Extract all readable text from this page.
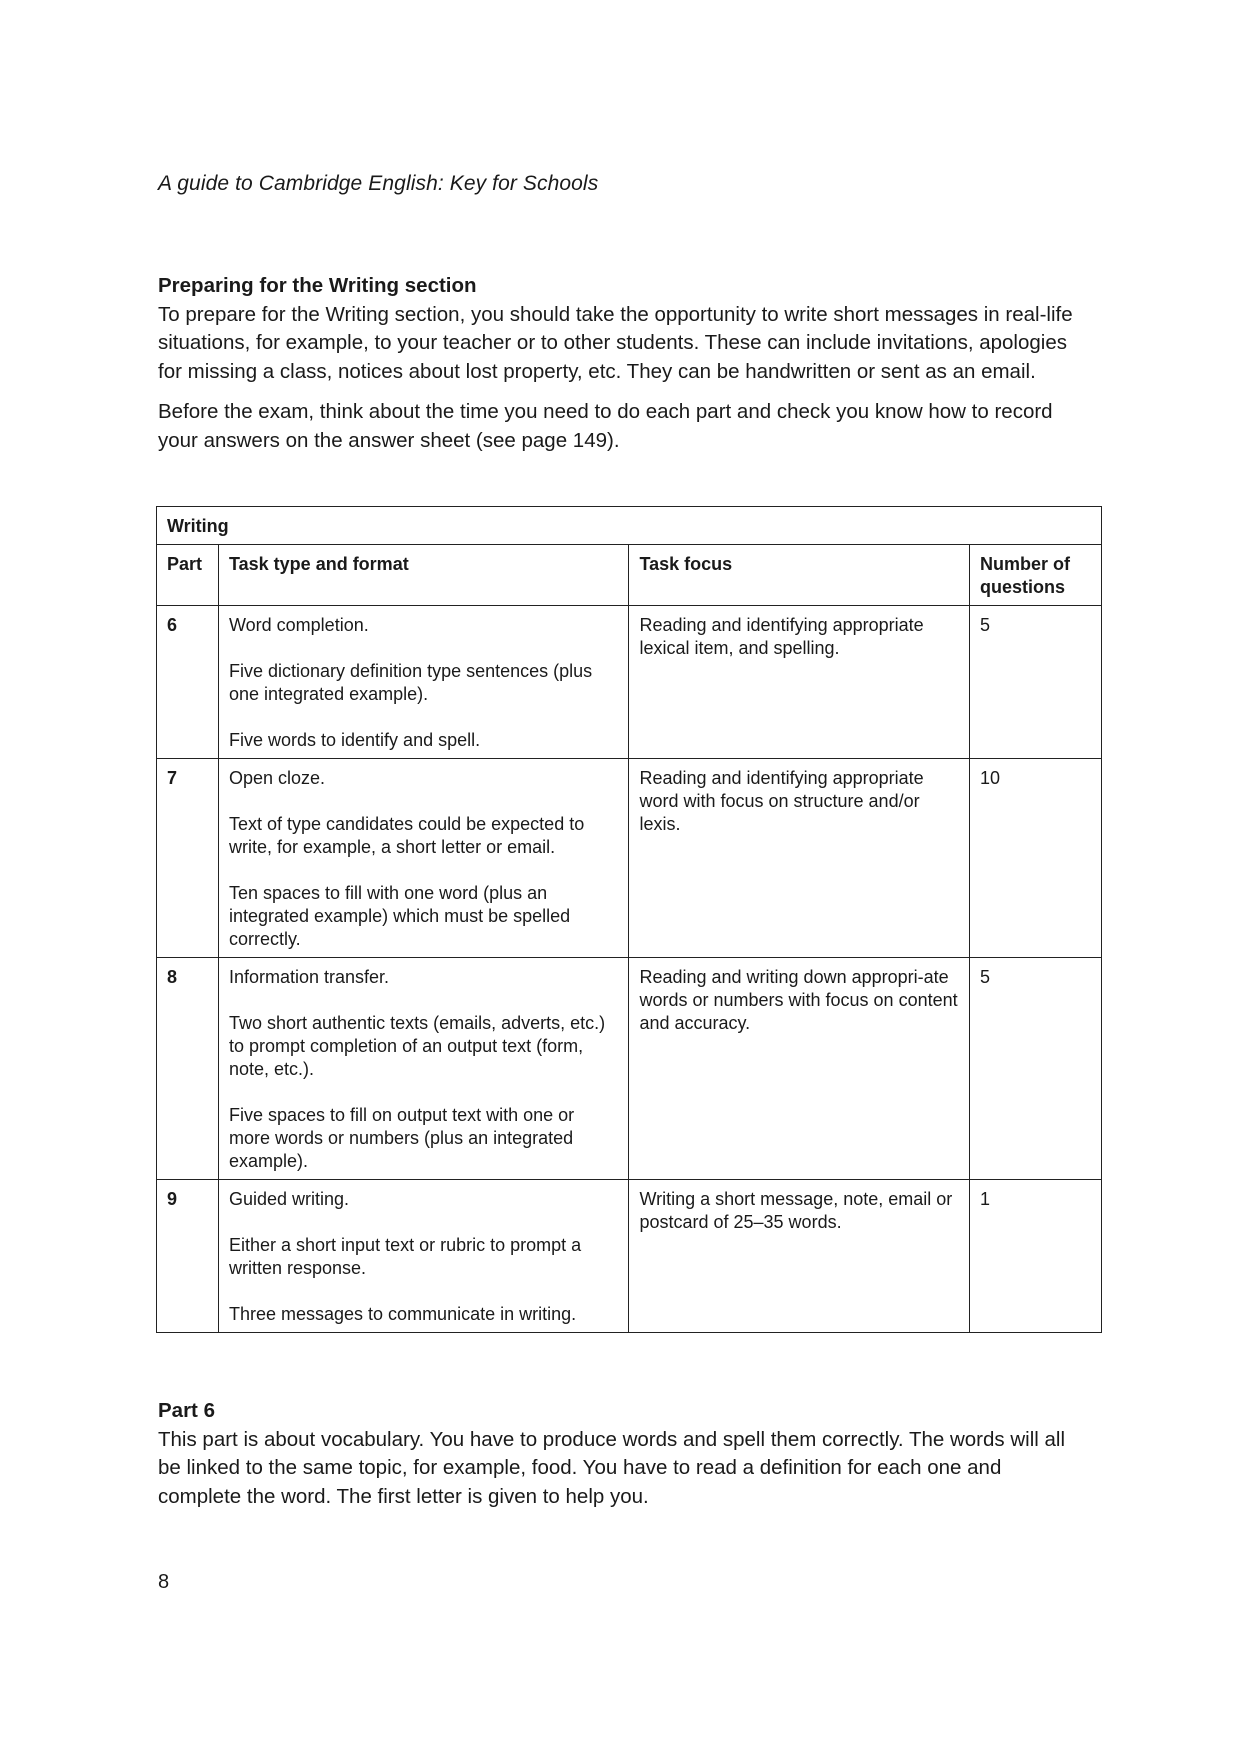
A guide to Cambridge English: Key for Schools
Preparing for the Writing section

To prepare for the Writing section, you should take the opportunity to write short messages in real-life situations, for example, to your teacher or to other students. These can include invitations, apologies for missing a class, notices about lost property, etc. They can be handwritten or sent as an email.

Before the exam, think about the time you need to do each part and check you know how to record your answers on the answer sheet (see page 149).

Writing			
Part	Task type and format	Task focus	Number of questions
6	Word completion.
Five dictionary definition type sentences (plus one integrated example).
Five words to identify and spell.	Reading and identifying appropriate lexical item, and spelling.	5
7	Open cloze.
Text of type candidates could be expected to write, for example, a short letter or email.
Ten spaces to fill with one word (plus an integrated example) which must be spelled correctly.	Reading and identifying appropriate word with focus on structure and/or lexis.	10
8	Information transfer.
Two short authentic texts (emails, adverts, etc.) to prompt completion of an output text (form, note, etc.).
Five spaces to fill on output text with one or more words or numbers (plus an integrated example).	Reading and writing down appropri-ate words or numbers with focus on content and accuracy.	5
9	Guided writing.
Either a short input text or rubric to prompt a written response.
Three messages to communicate in writing.	Writing a short message, note, email or postcard of 25–35 words.	1
Part 6

This part is about vocabulary. You have to produce words and spell them correctly. The words will all be linked to the same topic, for example, food. You have to read a definition for each one and complete the word. The first letter is given to help you.

8
